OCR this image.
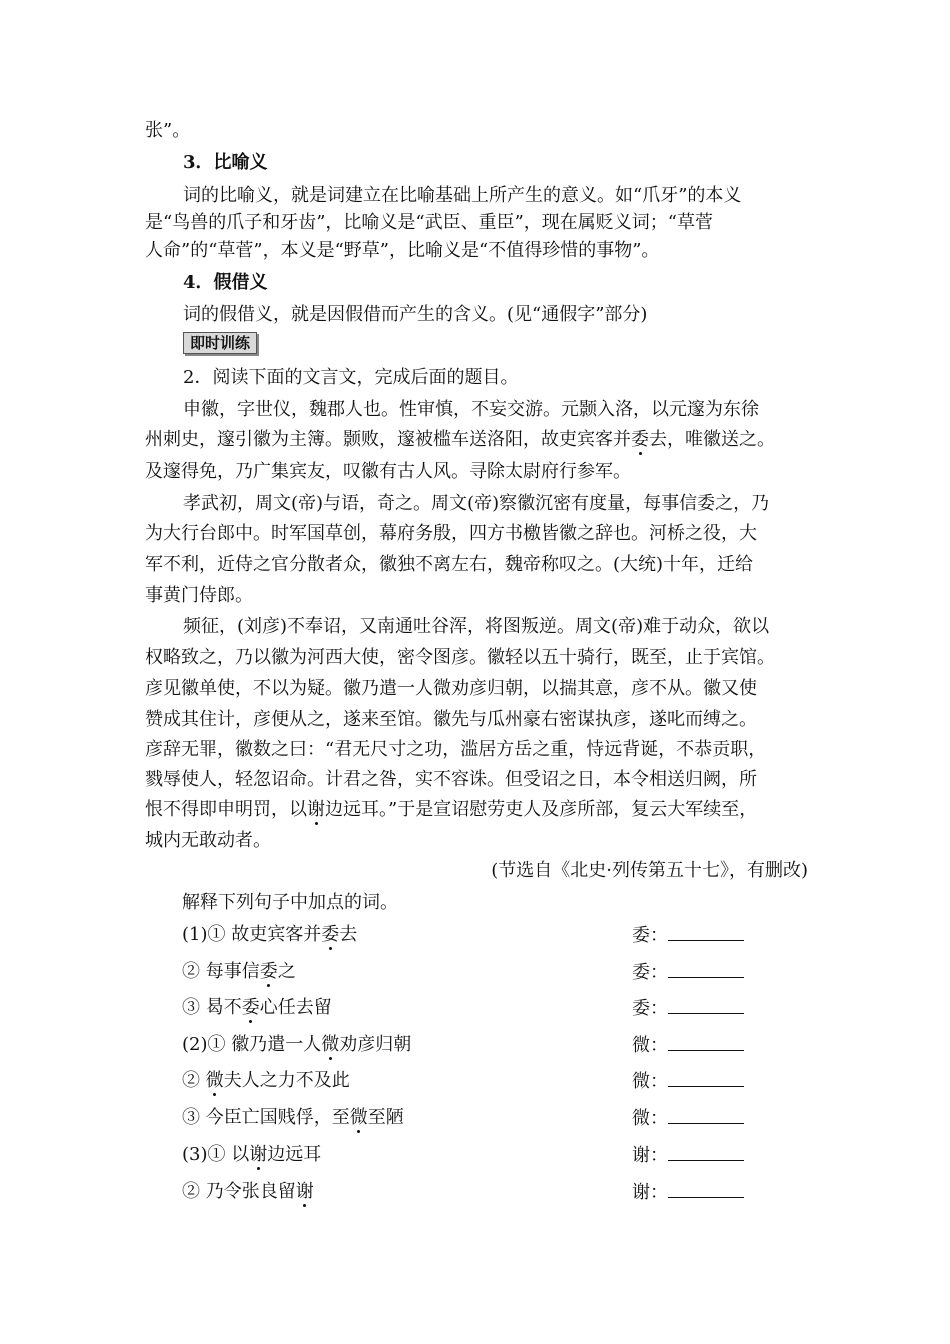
张”。
3．比喻义
词的比喻义，就是词建立在比喻基础上所产生的意义。如“爪牙”的本义
是“鸟兽的爪子和牙齿”，比喻义是“武臣、重臣”，现在属贬义词；“草菅
人命”的“草菅”，本义是“野草”，比喻义是“不值得珍惜的事物”。
4．假借义
词的假借义，就是因假借而产生的含义。(见“通假字”部分)
即时训练
2．阅读下面的文言文，完成后面的题目。
申徽，字世仪，魏郡人也。性审慎，不妄交游。元颢入洛，以元邃为东徐
州刺史，邃引徽为主簿。颢败，邃被槛车送洛阳，故吏宾客并委去，唯徽送之。
及邃得免，乃广集宾友，叹徽有古人风。寻除太尉府行参军。
孝武初，周文(帝)与语，奇之。周文(帝)察徽沉密有度量，每事信委之，乃
为大行台郎中。时军国草创，幕府务殷，四方书檄皆徽之辞也。河桥之役，大
军不利，近侍之官分散者众，徽独不离左右，魏帝称叹之。(大统)十年，迁给
事黄门侍郎。
频征，(刘彦)不奉诏，又南通吐谷浑，将图叛逆。周文(帝)难于动众，欲以
权略致之，乃以徽为河西大使，密令图彦。徽轻以五十骑行，既至，止于宾馆。
彦见徽单使，不以为疑。徽乃遣一人微劝彦归朝，以揣其意，彦不从。徽又使
赞成其住计，彦便从之，遂来至馆。徽先与瓜州豪右密谋执彦，遂叱而缚之。
彦辞无罪，徽数之曰：“君无尺寸之功，滥居方岳之重，恃远背诞，不恭贡职，
戮辱使人，轻忽诏命。计君之咎，实不容诛。但受诏之日，本令相送归阙，所
恨不得即申明罚，以谢边远耳。”于是宣诏慰劳吏人及彦所部，复云大军续至，
城内无敢动者。
(节选自《北史·列传第五十七》，有删改)
解释下列句子中加点的词。
(1)① 故吏宾客并委去	委：
② 每事信委之	委：
③ 曷不委心任去留	委：
(2)① 徽乃遣一人微劝彦归朝	微：
② 微夫人之力不及此	微：
③ 今臣亡国贱俘，至微至陋	微：
(3)① 以谢边远耳	谢：
② 乃令张良留谢	谢：
